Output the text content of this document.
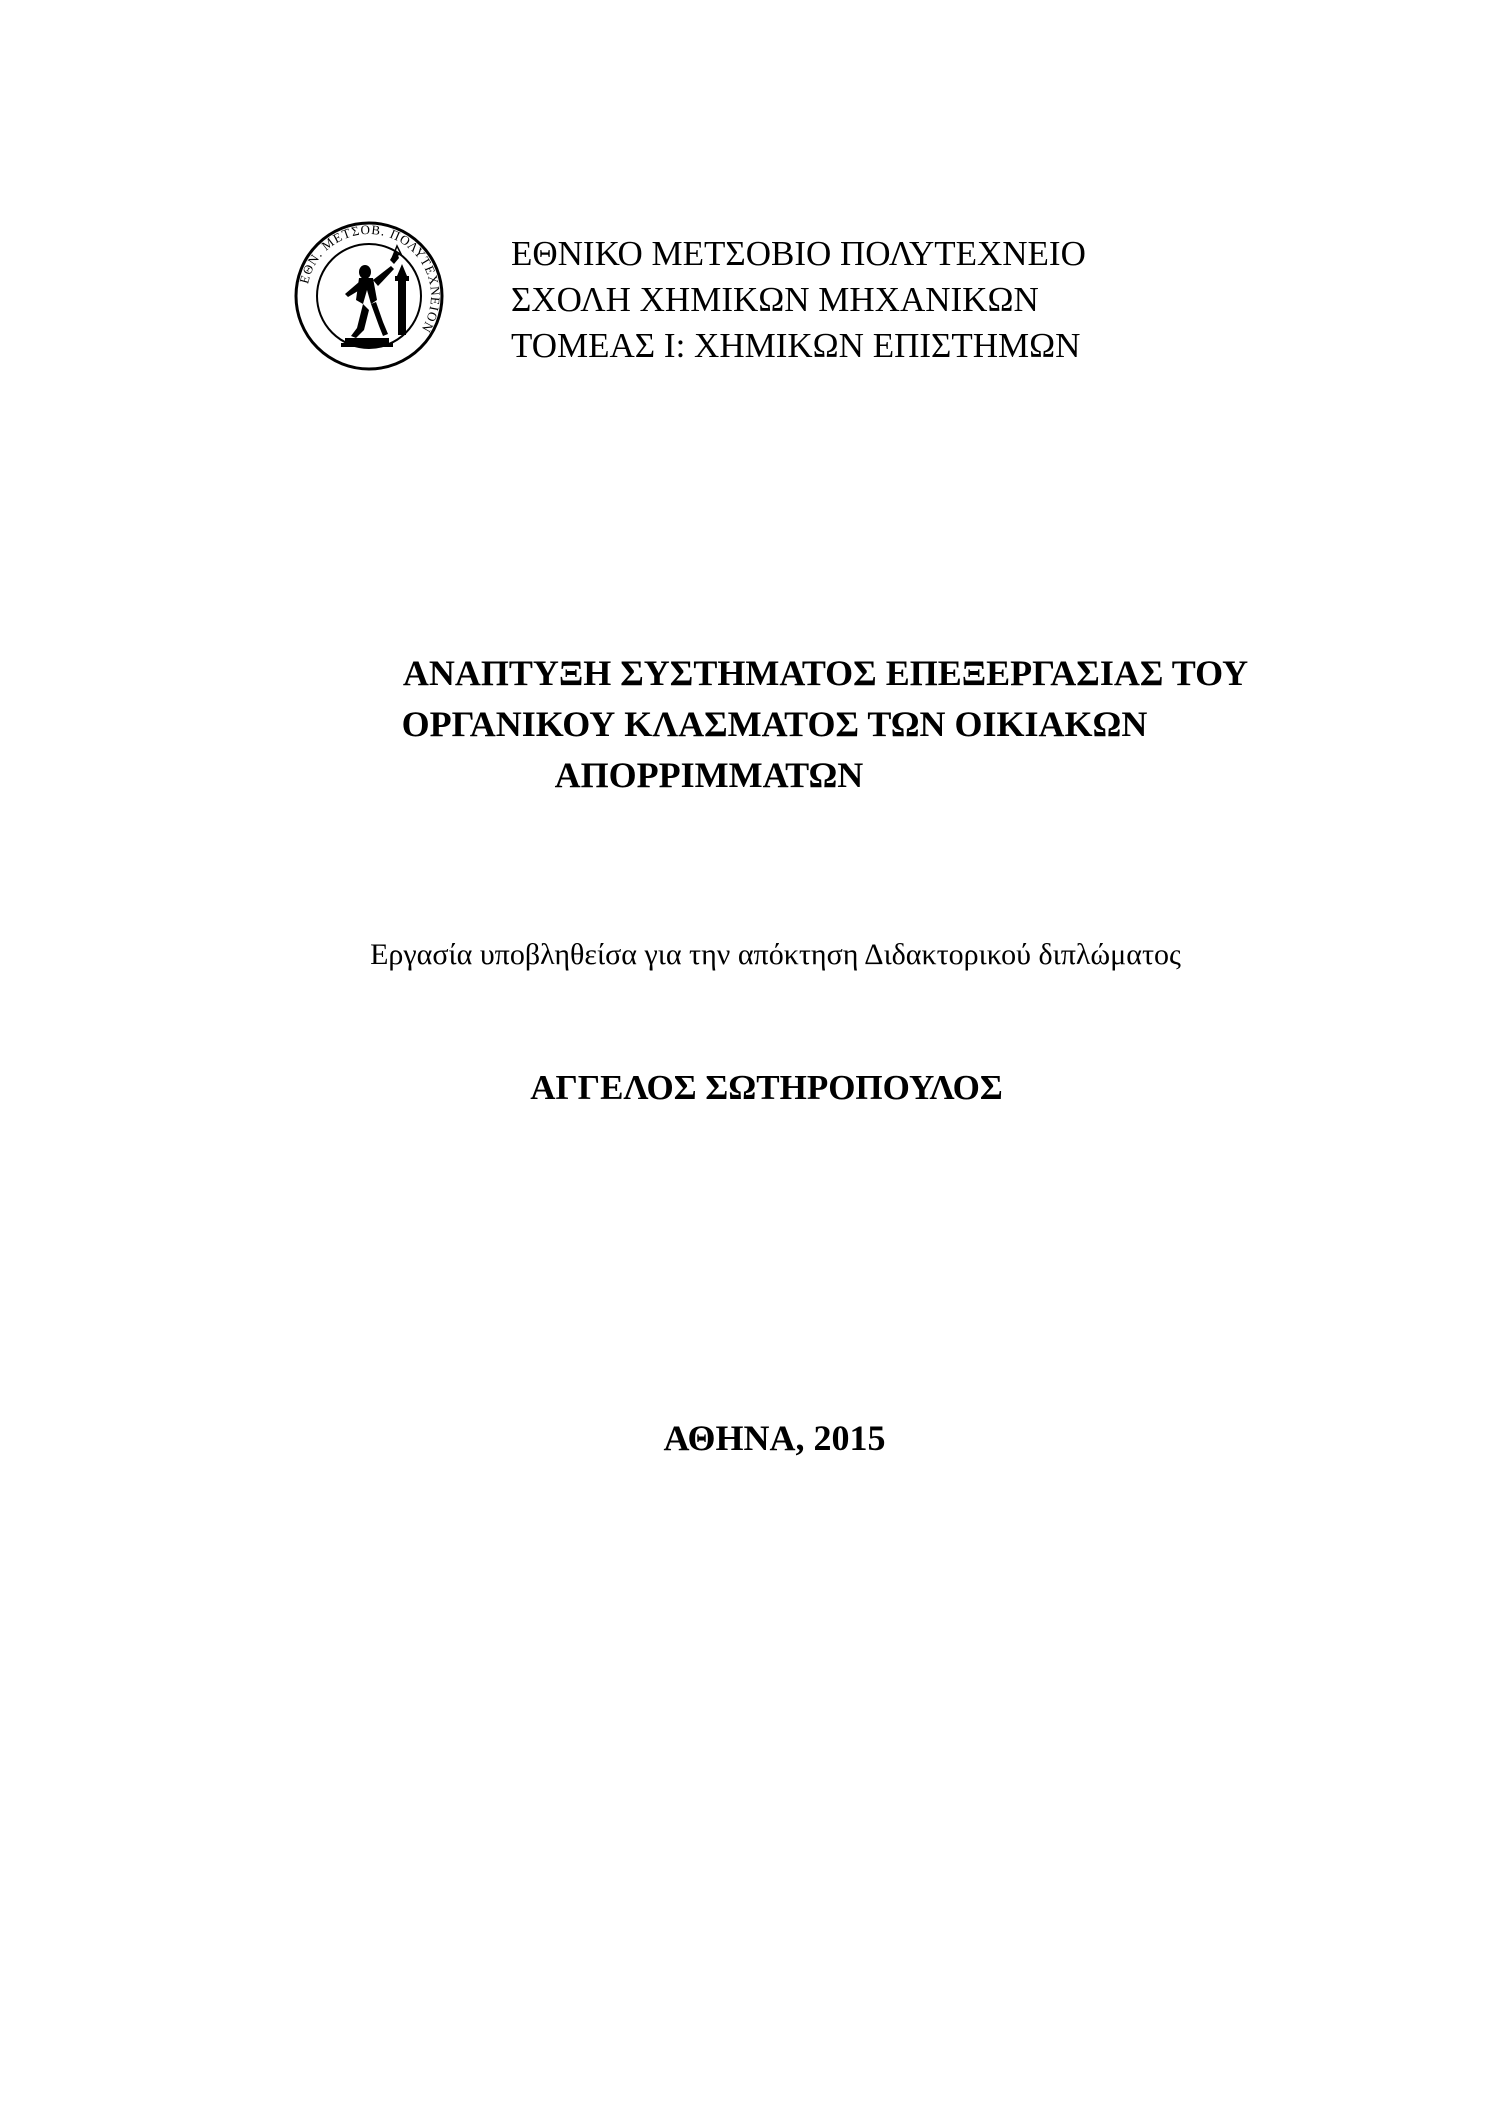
ΕΘΝ. ΜΕΤΣΟΒ. ΠΟΛΥΤΕΧΝΕΙΟΝ
ΕΘΝΙΚΟ ΜΕΤΣΟΒΙΟ ΠΟΛΥΤΕΧΝΕΙΟ
ΣΧΟΛΗ ΧΗΜΙΚΩΝ ΜΗΧΑΝΙΚΩΝ
ΤΟΜΕΑΣ Ι: ΧΗΜΙΚΩΝ ΕΠΙΣΤΗΜΩΝ
ΑΝΑΠΤΥΞΗ ΣΥΣΤΗΜΑΤΟΣ ΕΠΕΞΕΡΓΑΣΙΑΣ ΤΟΥ
ΟΡΓΑΝΙΚΟΥ ΚΛΑΣΜΑΤΟΣ ΤΩΝ ΟΙΚΙΑΚΩΝ
ΑΠΟΡΡΙΜΜΑΤΩΝ
Εργασία υποβληθείσα για την απόκτηση Διδακτορικού διπλώματος
ΑΓΓΕΛΟΣ ΣΩΤΗΡΟΠΟΥΛΟΣ
ΑΘΗΝΑ, 2015
